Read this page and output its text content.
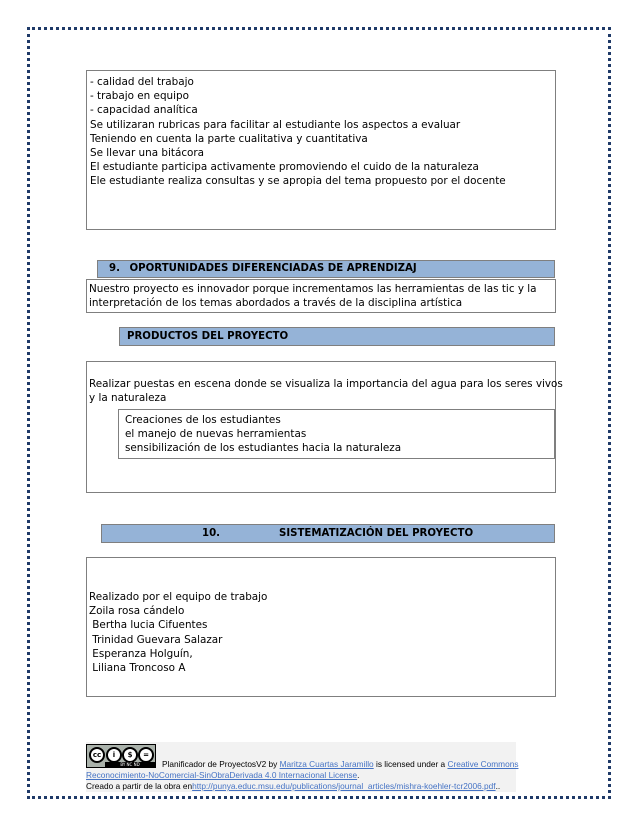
- calidad del trabajo
- trabajo en equipo
- capacidad analítica
Se utilizaran rubricas para facilitar al estudiante los aspectos a evaluar
Teniendo en cuenta la parte cualitativa y cuantitativa
Se llevar una bitácora
El estudiante participa activamente promoviendo el cuido de la naturaleza
Ele estudiante realiza consultas y se apropia del tema propuesto por el docente
9. OPORTUNIDADES DIFERENCIADAS DE APRENDIZAJ
Nuestro proyecto es innovador porque incrementamos las herramientas de las tic y la
interpretación de los temas abordados a través de la disciplina artística
PRODUCTOS DEL PROYECTO
Realizar puestas en escena donde se visualiza la importancia del agua para los seres vivos
y la naturaleza
Creaciones de los estudiantes
el manejo de nuevas herramientas
sensibilización de los estudiantes hacia la naturaleza
10.	SISTEMATIZACIÓN DEL PROYECTO
Realizado por el equipo de trabajo
Zoila rosa cándelo
Bertha lucia Cifuentes
Trinidad Guevara Salazar
Esperanza Holguín,
Liliana Troncoso A
cc	i	$	=
BY NC ND	Planificador de ProyectosV2 by Maritza Cuartas Jaramillo is licensed under a Creative Commons
Reconocimiento-NoComercial-SinObraDerivada 4.0 Internacional License.
Creado a partir de la obra enhttp://punya.educ.msu.edu/publications/journal_articles/mishra-koehler-tcr2006.pdf..
